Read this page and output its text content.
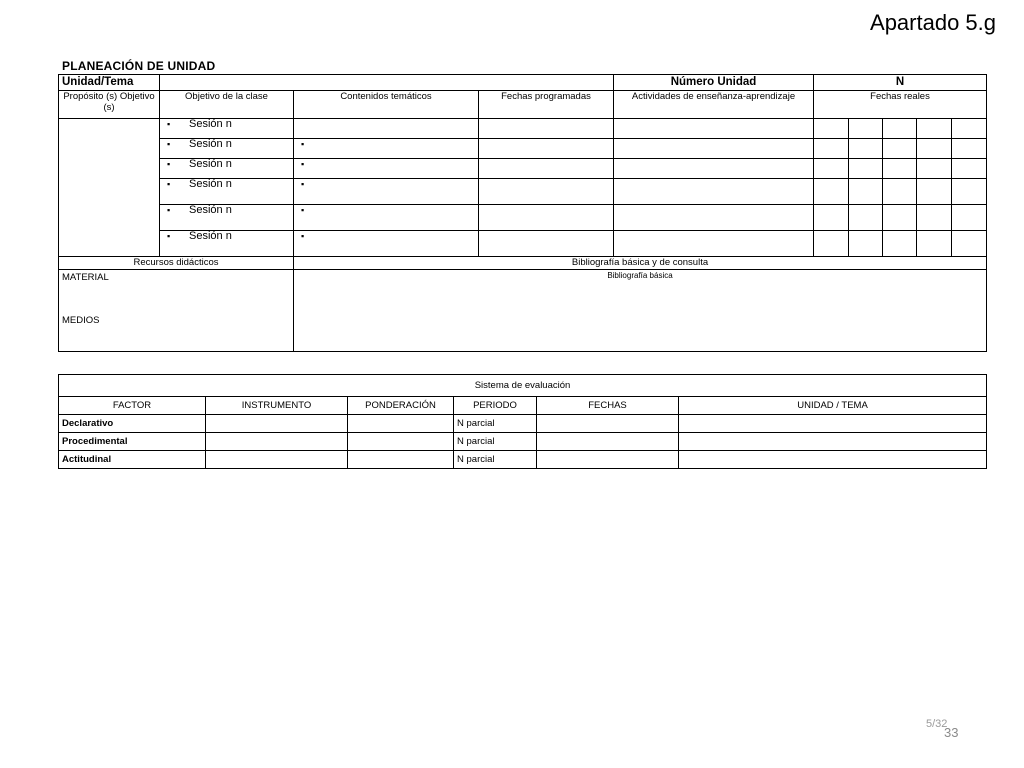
Apartado 5.g
PLANEACIÓN DE UNIDAD
Unidad/Tema				Número Unidad	N				
Propósito (s) Objetivo (s)	Objetivo de la clase	Contenidos temáticos	Fechas programadas	Actividades de enseñanza-aprendizaje	Fechas reales				
	▪ Sesión n								
	▪ Sesión n	▪							
	▪ Sesión n	▪							
	▪ Sesión n	▪							
	▪ Sesión n	▪							
	▪ Sesión n	▪							
Recursos didácticos		Bibliografía básica y de consulta							

MATERIAL
MEDIOS		Bibliografía básica							
Sistema de evaluación					
FACTOR	INSTRUMENTO	PONDERACIÓN	PERIODO	FECHAS	UNIDAD / TEMA
Declarativo			N parcial		
Procedimental			N parcial		
Actitudinal			N parcial		
5/32
33
